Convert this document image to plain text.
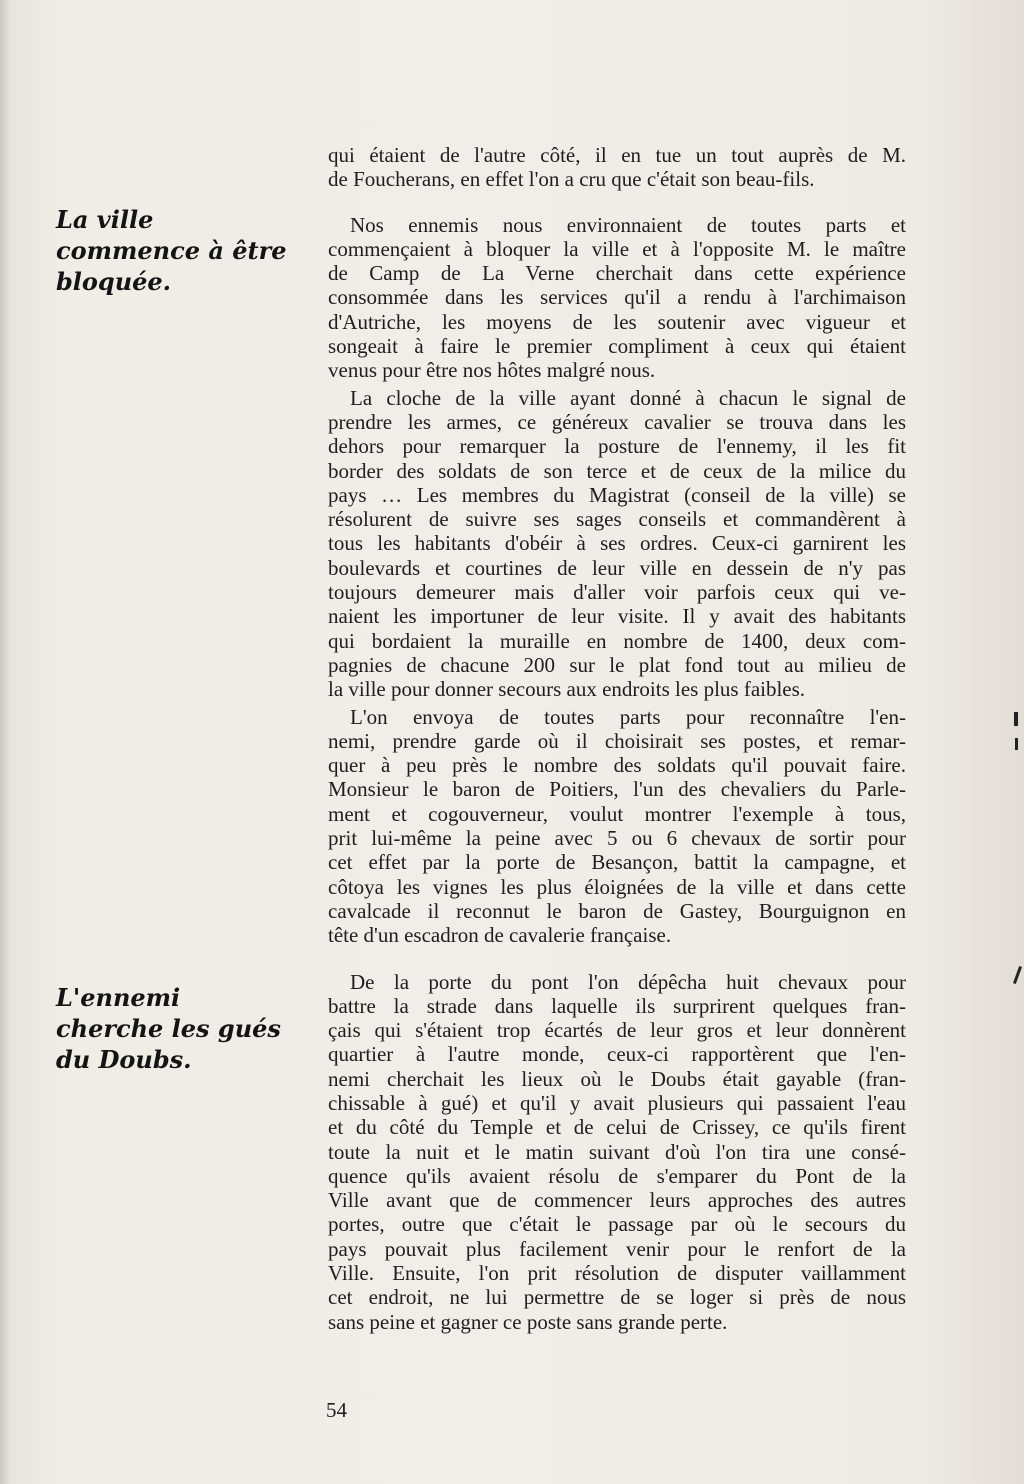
La ville
commence à être
bloquée.
L'ennemi
cherche les gués
du Doubs.
qui étaient de l'autre côté, il en tue un tout auprès de M.
de Foucherans, en effet l'on a cru que c'était son beau-fils.
Nos ennemis nous environnaient de toutes parts et
commençaient à bloquer la ville et à l'opposite M. le maître
de Camp de La Verne cherchait dans cette expérience
consommée dans les services qu'il a rendu à l'archimaison
d'Autriche, les moyens de les soutenir avec vigueur et
songeait à faire le premier compliment à ceux qui étaient
venus pour être nos hôtes malgré nous.
La cloche de la ville ayant donné à chacun le signal de
prendre les armes, ce généreux cavalier se trouva dans les
dehors pour remarquer la posture de l'ennemy, il les fit
border des soldats de son terce et de ceux de la milice du
pays … Les membres du Magistrat (conseil de la ville) se
résolurent de suivre ses sages conseils et commandèrent à
tous les habitants d'obéir à ses ordres. Ceux-ci garnirent les
boulevards et courtines de leur ville en dessein de n'y pas
toujours demeurer mais d'aller voir parfois ceux qui ve-
naient les importuner de leur visite. Il y avait des habitants
qui bordaient la muraille en nombre de 1400, deux com-
pagnies de chacune 200 sur le plat fond tout au milieu de
la ville pour donner secours aux endroits les plus faibles.
L'on envoya de toutes parts pour reconnaître l'en-
nemi, prendre garde où il choisirait ses postes, et remar-
quer à peu près le nombre des soldats qu'il pouvait faire.
Monsieur le baron de Poitiers, l'un des chevaliers du Parle-
ment et cogouverneur, voulut montrer l'exemple à tous,
prit lui-même la peine avec 5 ou 6 chevaux de sortir pour
cet effet par la porte de Besançon, battit la campagne, et
côtoya les vignes les plus éloignées de la ville et dans cette
cavalcade il reconnut le baron de Gastey, Bourguignon en
tête d'un escadron de cavalerie française.
De la porte du pont l'on dépêcha huit chevaux pour
battre la strade dans laquelle ils surprirent quelques fran-
çais qui s'étaient trop écartés de leur gros et leur donnèrent
quartier à l'autre monde, ceux-ci rapportèrent que l'en-
nemi cherchait les lieux où le Doubs était gayable (fran-
chissable à gué) et qu'il y avait plusieurs qui passaient l'eau
et du côté du Temple et de celui de Crissey, ce qu'ils firent
toute la nuit et le matin suivant d'où l'on tira une consé-
quence qu'ils avaient résolu de s'emparer du Pont de la
Ville avant que de commencer leurs approches des autres
portes, outre que c'était le passage par où le secours du
pays pouvait plus facilement venir pour le renfort de la
Ville. Ensuite, l'on prit résolution de disputer vaillamment
cet endroit, ne lui permettre de se loger si près de nous
sans peine et gagner ce poste sans grande perte.
54
